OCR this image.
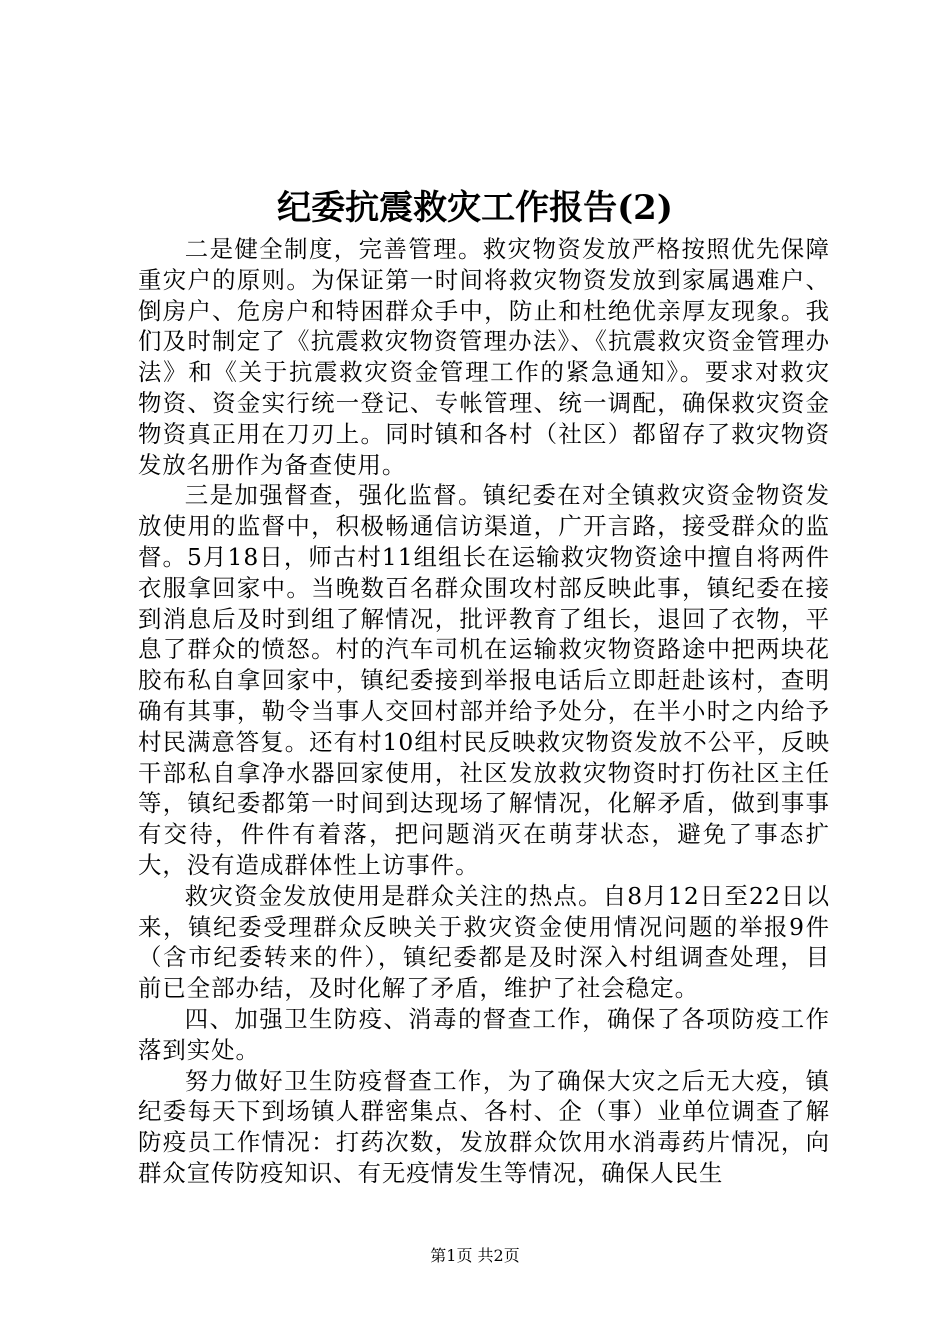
纪委抗震救灾工作报告(2)

二是健全制度，完善管理。救灾物资发放严格按照优先保障重灾户的原则。为保证第一时间将救灾物资发放到家属遇难户、倒房户、危房户和特困群众手中，防止和杜绝优亲厚友现象。我们及时制定了《抗震救灾物资管理办法》、《抗震救灾资金管理办法》和《关于抗震救灾资金管理工作的紧急通知》。要求对救灾物资、资金实行统一登记、专帐管理、统一调配，确保救灾资金物资真正用在刀刃上。同时镇和各村（社区）都留存了救灾物资发放名册作为备查使用。

三是加强督查，强化监督。镇纪委在对全镇救灾资金物资发放使用的监督中，积极畅通信访渠道，广开言路，接受群众的监督。5月18日，师古村11组组长在运输救灾物资途中擅自将两件衣服拿回家中。当晚数百名群众围攻村部反映此事，镇纪委在接到消息后及时到组了解情况，批评教育了组长，退回了衣物，平息了群众的愤怒。村的汽车司机在运输救灾物资路途中把两块花胶布私自拿回家中，镇纪委接到举报电话后立即赶赴该村，查明确有其事，勒令当事人交回村部并给予处分，在半小时之内给予村民满意答复。还有村10组村民反映救灾物资发放不公平，反映干部私自拿净水器回家使用，社区发放救灾物资时打伤社区主任等，镇纪委都第一时间到达现场了解情况，化解矛盾，做到事事有交待，件件有着落，把问题消灭在萌芽状态，避免了事态扩大，没有造成群体性上访事件。

救灾资金发放使用是群众关注的热点。自8月12日至22日以来，镇纪委受理群众反映关于救灾资金使用情况问题的举报9件（含市纪委转来的件），镇纪委都是及时深入村组调查处理，目前已全部办结，及时化解了矛盾，维护了社会稳定。

四、加强卫生防疫、消毒的督查工作，确保了各项防疫工作落到实处。

努力做好卫生防疫督查工作，为了确保大灾之后无大疫，镇纪委每天下到场镇人群密集点、各村、企（事）业单位调查了解防疫员工作情况：打药次数，发放群众饮用水消毒药片情况，向群众宣传防疫知识、有无疫情发生等情况，确保人民生

第1页 共2页
